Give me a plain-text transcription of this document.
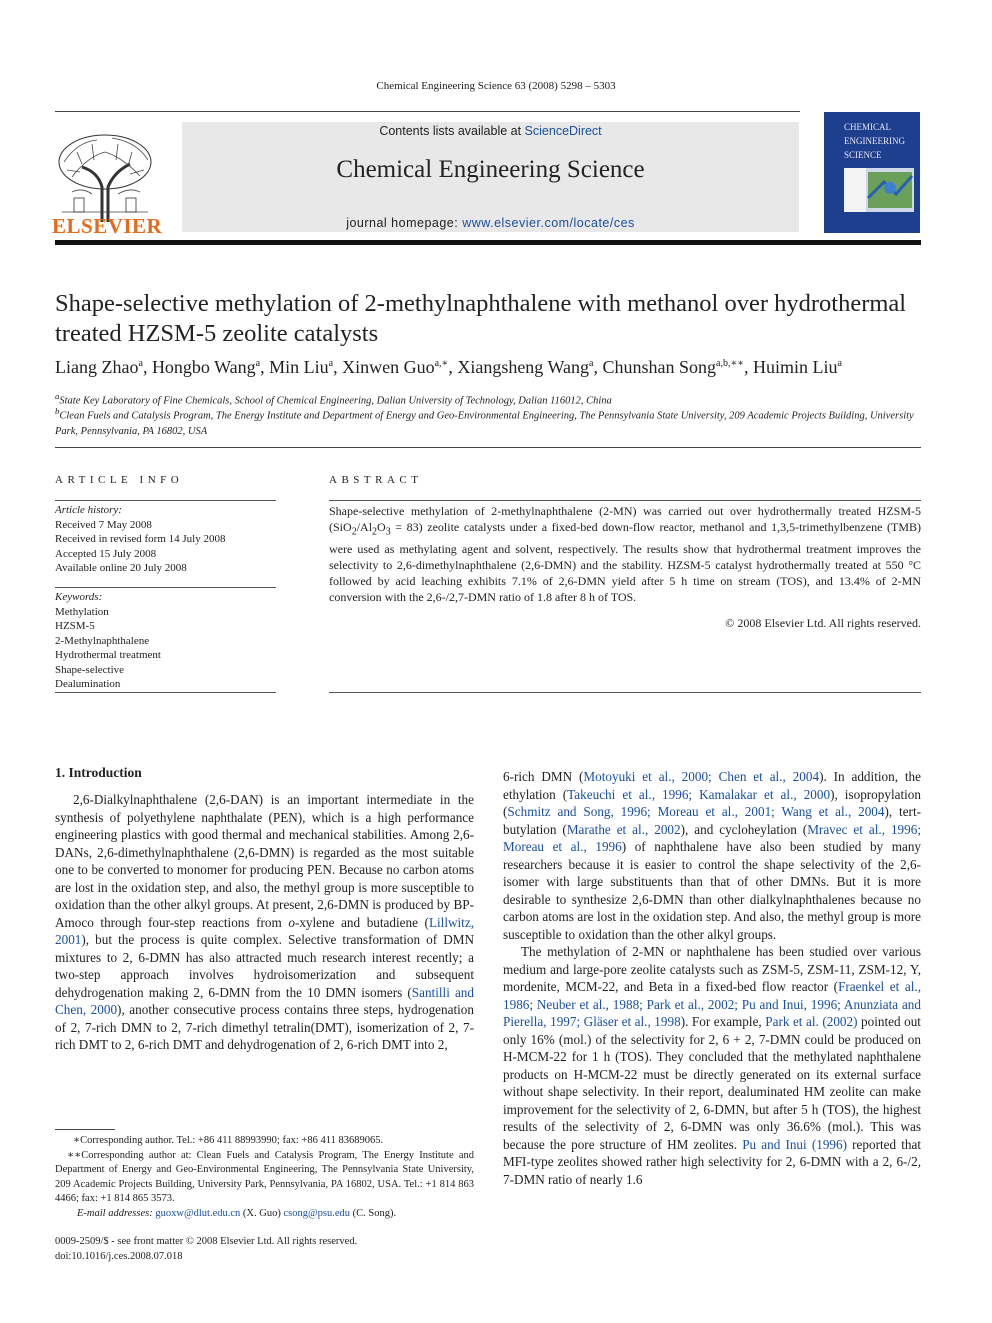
Chemical Engineering Science 63 (2008) 5298 – 5303
ELSEVIER
Contents lists available at ScienceDirect
Chemical Engineering Science
journal homepage: www.elsevier.com/locate/ces
CHEMICAL ENGINEERING SCIENCE
Shape-selective methylation of 2-methylnaphthalene with methanol over hydrothermal treated HZSM-5 zeolite catalysts
Liang Zhao$^a$, Hongbo Wang$^a$, Min Liu$^a$, Xinwen Guo$^{a,∗}$, Xiangsheng Wang$^a$, Chunshan Song$^{a,b,∗∗}$, Huimin Liu$^a$
$^a$State Key Laboratory of Fine Chemicals, School of Chemical Engineering, Dalian University of Technology, Dalian 116012, China
$^b$Clean Fuels and Catalysis Program, The Energy Institute and Department of Energy and Geo-Environmental Engineering, The Pennsylvania State University, 209 Academic Projects Building, University Park, Pennsylvania, PA 16802, USA
ARTICLE INFO
Article history:
Received 7 May 2008
Received in revised form 14 July 2008
Accepted 15 July 2008
Available online 20 July 2008
Keywords:
Methylation
HZSM-5
2-Methylnaphthalene
Hydrothermal treatment
Shape-selective
Dealumination
ABSTRACT
Shape-selective methylation of 2-methylnaphthalene (2-MN) was carried out over hydrothermally treated HZSM-5 $(SiO_2/Al_2O_3 = 83)$ zeolite catalysts under a fixed-bed down-flow reactor, methanol and 1,3,5-trimethylbenzene (TMB) were used as methylating agent and solvent, respectively. The results show that hydrothermal treatment improves the selectivity to 2,6-dimethylnaphthalene (2,6-DMN) and the stability. HZSM-5 catalyst hydrothermally treated at 550 °C followed by acid leaching exhibits 7.1% of 2,6-DMN yield after 5 h time on stream (TOS), and 13.4% of 2-MN conversion with the 2,6-/2,7-DMN ratio of 1.8 after 8 h of TOS.
© 2008 Elsevier Ltd. All rights reserved.
1. Introduction

2,6-Dialkylnaphthalene (2,6-DAN) is an important intermediate in the synthesis of polyethylene naphthalate (PEN), which is a high performance engineering plastics with good thermal and mechanical stabilities. Among 2,6-DANs, 2,6-dimethylnaphthalene (2,6-DMN) is regarded as the most suitable one to be converted to monomer for producing PEN. Because no carbon atoms are lost in the oxidation step, and also, the methyl group is more susceptible to oxidation than the other alkyl groups. At present, 2,6-DMN is produced by BP-Amoco through four-step reactions from o-xylene and butadiene (Lillwitz, 2001), but the process is quite complex. Selective transformation of DMN mixtures to 2, 6-DMN has also attracted much research interest recently; a two-step approach involves hydroisomerization and subsequent dehydrogenation making 2, 6-DMN from the 10 DMN isomers (Santilli and Chen, 2000), another consecutive process contains three steps, hydrogenation of 2, 7-rich DMN to 2, 7-rich dimethyl tetralin(DMT), isomerization of 2, 7-rich DMT to 2, 6-rich DMT and dehydrogenation of 2, 6-rich DMT into 2,

6-rich DMN (Motoyuki et al., 2000; Chen et al., 2004). In addition, the ethylation (Takeuchi et al., 1996; Kamalakar et al., 2000), isopropylation (Schmitz and Song, 1996; Moreau et al., 2001; Wang et al., 2004), tert-butylation (Marathe et al., 2002), and cycloheylation (Mravec et al., 1996; Moreau et al., 1996) of naphthalene have also been studied by many researchers because it is easier to control the shape selectivity of the 2,6-isomer with large substituents than that of other DMNs. But it is more desirable to synthesize 2,6-DMN than other dialkylnaphthalenes because no carbon atoms are lost in the oxidation step. And also, the methyl group is more susceptible to oxidation than the other alkyl groups.

The methylation of 2-MN or naphthalene has been studied over various medium and large-pore zeolite catalysts such as ZSM-5, ZSM-11, ZSM-12, Y, mordenite, MCM-22, and Beta in a fixed-bed flow reactor (Fraenkel et al., 1986; Neuber et al., 1988; Park et al., 2002; Pu and Inui, 1996; Anunziata and Pierella, 1997; Gläser et al., 1998). For example, Park et al. (2002) pointed out only 16% (mol.) of the selectivity for 2, 6 + 2, 7-DMN could be produced on H-MCM-22 for 1 h (TOS). They concluded that the methylated naphthalene products on H-MCM-22 must be directly generated on its external surface without shape selectivity. In their report, dealuminated HM zeolite can make improvement for the selectivity of 2, 6-DMN, but after 5 h (TOS), the highest results of the selectivity of 2, 6-DMN was only 36.6% (mol.). This was because the pore structure of HM zeolites. Pu and Inui (1996) reported that MFI-type zeolites showed rather high selectivity for 2, 6-DMN with a 2, 6-/2, 7-DMN ratio of nearly 1.6

∗Corresponding author. Tel.: +86 411 88993990; fax: +86 411 83689065.
∗∗Corresponding author at: Clean Fuels and Catalysis Program, The Energy Institute and Department of Energy and Geo-Environmental Engineering, The Pennsylvania State University, 209 Academic Projects Building, University Park, Pennsylvania, PA 16802, USA. Tel.: +1 814 863 4466; fax: +1 814 865 3573.
E-mail addresses: guoxw@dlut.edu.cn (X. Guo) csong@psu.edu (C. Song).
0009-2509/$ - see front matter © 2008 Elsevier Ltd. All rights reserved.
doi:10.1016/j.ces.2008.07.018
